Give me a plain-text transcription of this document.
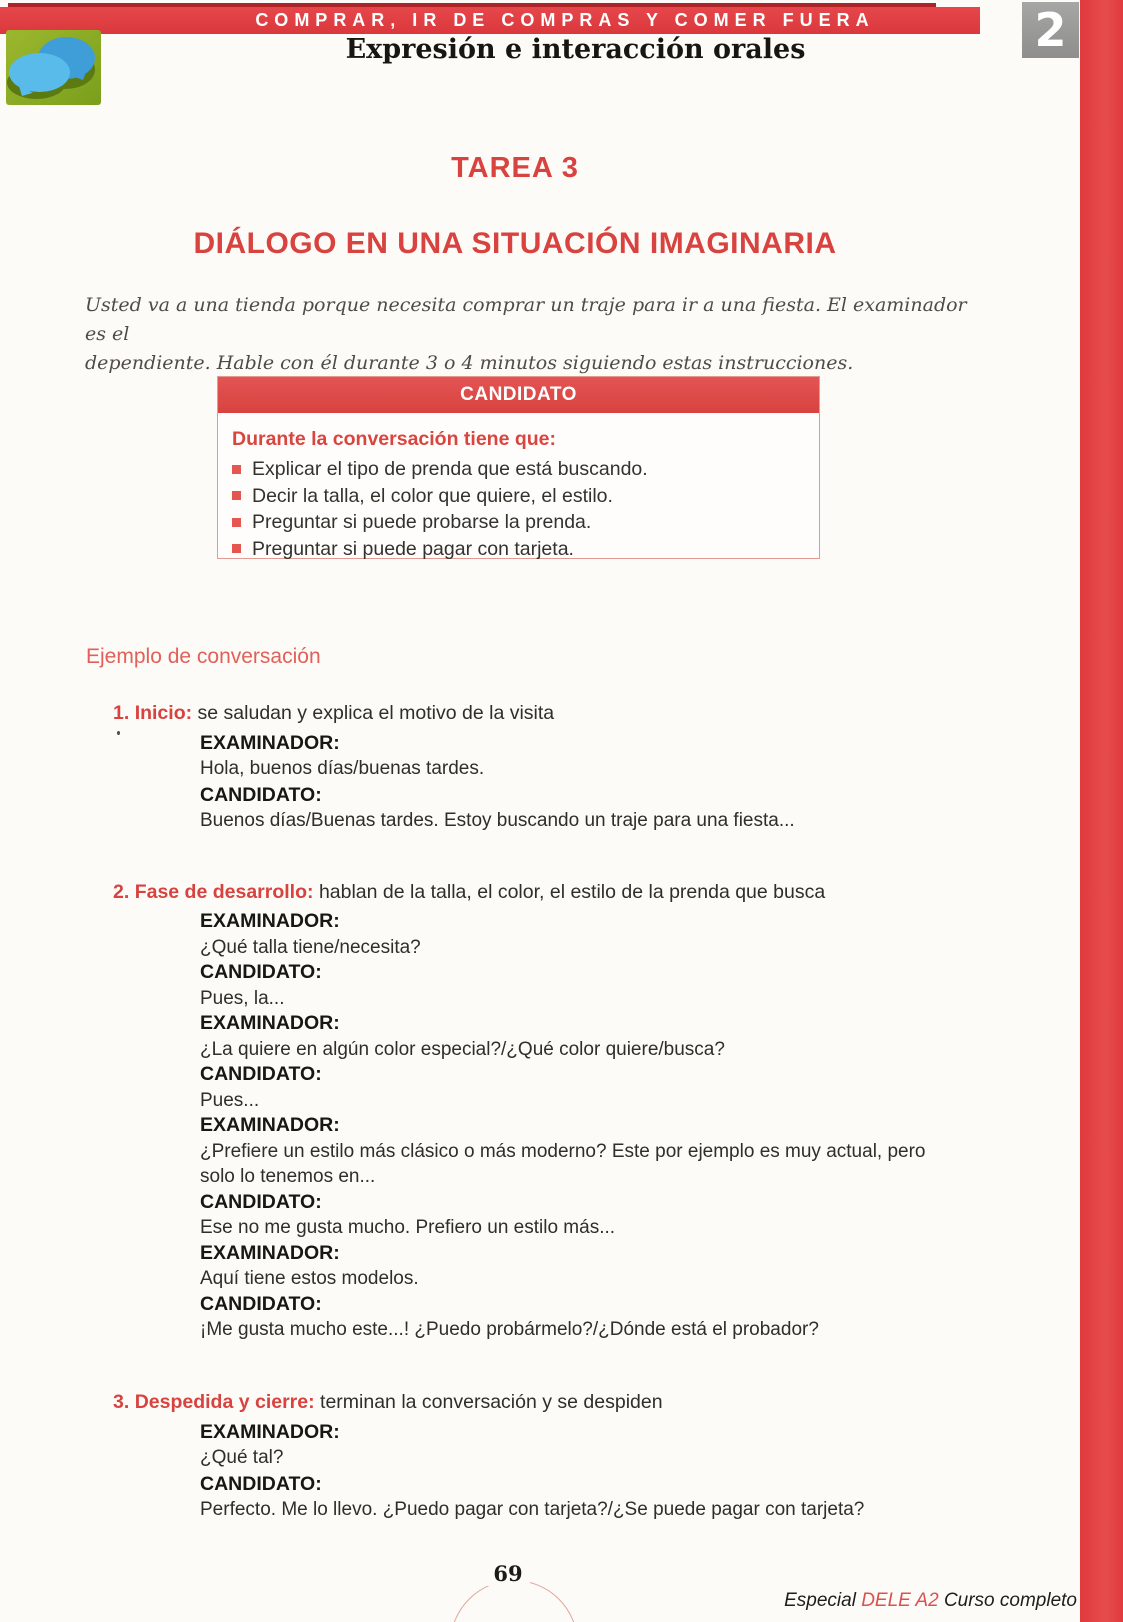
COMPRAR, IR DE COMPRAS Y COMER FUERA
Expresión e interacción orales	2
TAREA 3
DIÁLOGO EN UNA SITUACIÓN IMAGINARIA

Usted va a una tienda porque necesita comprar un traje para ir a una fiesta. El examinador es el
dependiente. Hable con él durante 3 o 4 minutos siguiendo estas instrucciones.

CANDIDATO
Durante la conversación tiene que:
Explicar el tipo de prenda que está buscando.
Decir la talla, el color que quiere, el estilo.
Preguntar si puede probarse la prenda.
Preguntar si puede pagar con tarjeta.
Ejemplo de conversación
1. Inicio: se saludan y explica el motivo de la visita
EXAMINADOR:
Hola, buenos días/buenas tardes.
CANDIDATO:
Buenos días/Buenas tardes. Estoy buscando un traje para una fiesta...
2. Fase de desarrollo: hablan de la talla, el color, el estilo de la prenda que busca
EXAMINADOR:
¿Qué talla tiene/necesita?
CANDIDATO:
Pues, la...
EXAMINADOR:
¿La quiere en algún color especial?/¿Qué color quiere/busca?
CANDIDATO:
Pues...
EXAMINADOR:
¿Prefiere un estilo más clásico o más moderno? Este por ejemplo es muy actual, pero
solo lo tenemos en...
CANDIDATO:
Ese no me gusta mucho. Prefiero un estilo más...
EXAMINADOR:
Aquí tiene estos modelos.
CANDIDATO:
¡Me gusta mucho este...! ¿Puedo probármelo?/¿Dónde está el probador?
3. Despedida y cierre: terminan la conversación y se despiden
EXAMINADOR:
¿Qué tal?
CANDIDATO:
Perfecto. Me lo llevo. ¿Puedo pagar con tarjeta?/¿Se puede pagar con tarjeta?
69
Especial DELE A2 Curso completo
